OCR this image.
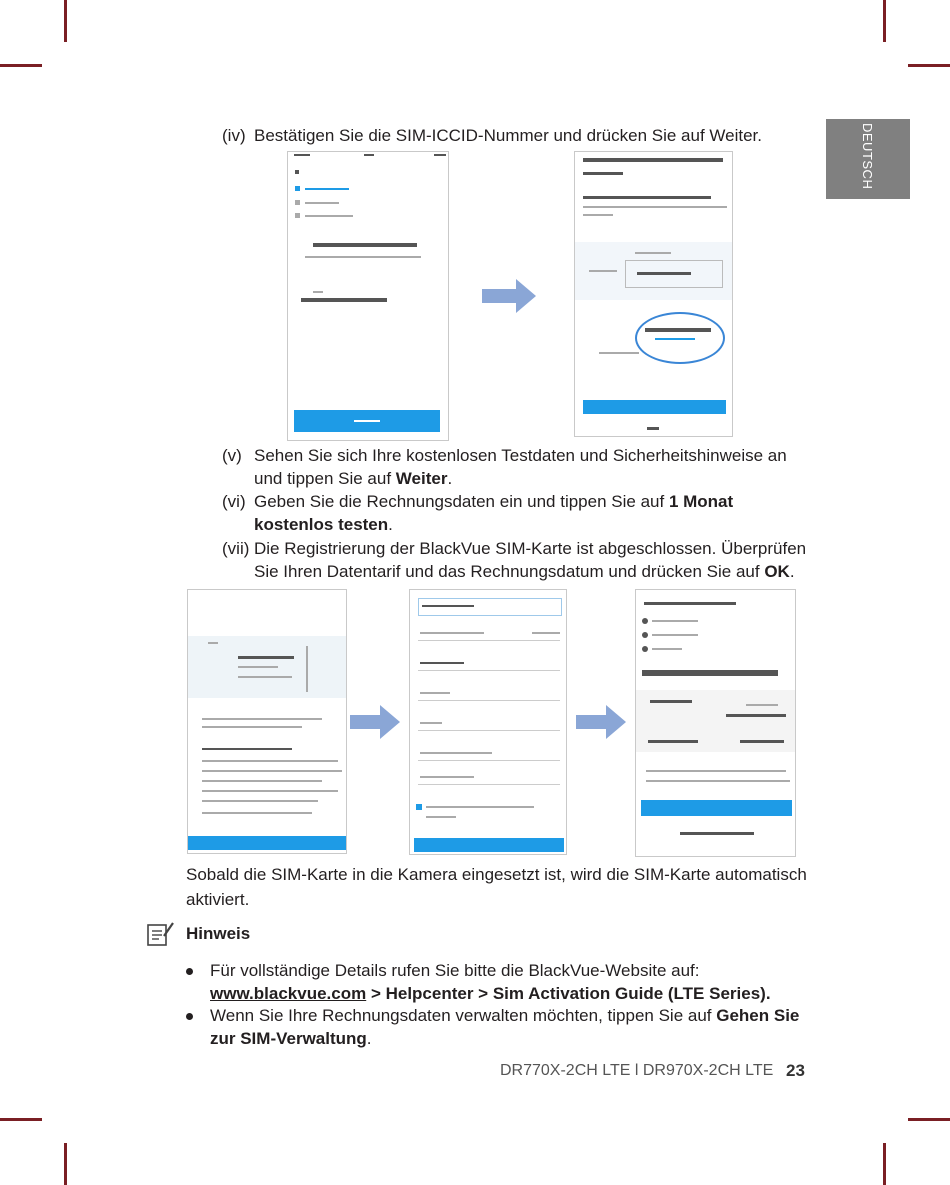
DEUTSCH
(iv) Bestätigen Sie die SIM-ICCID-Nummer und drücken Sie auf Weiter.
(v) Sehen Sie sich Ihre kostenlosen Testdaten und Sicherheitshinweise an und tippen Sie auf Weiter.
(vi) Geben Sie die Rechnungsdaten ein und tippen Sie auf 1 Monat kostenlos testen.
(vii) Die Registrierung der BlackVue SIM-Karte ist abgeschlossen. Überprüfen Sie Ihren Datentarif und das Rechnungsdatum und drücken Sie auf OK.
Sobald die SIM-Karte in die Kamera eingesetzt ist, wird die SIM-Karte automatisch aktiviert.
Hinweis
Für vollständige Details rufen Sie bitte die BlackVue-Website auf:
www.blackvue.com > Helpcenter > Sim Activation Guide (LTE Series).
Wenn Sie Ihre Rechnungsdaten verwalten möchten, tippen Sie auf Gehen Sie zur SIM-Verwaltung.
DR770X-2CH LTE l DR970X-2CH LTE 23
